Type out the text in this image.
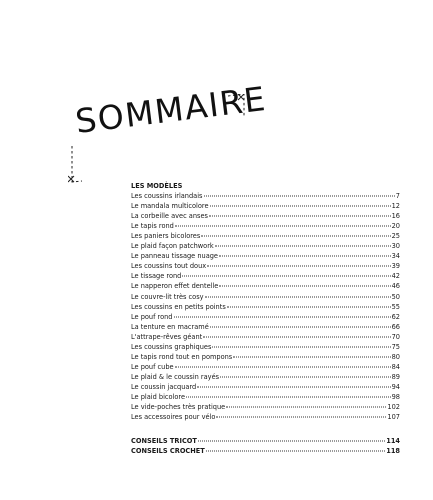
SOMMAIRE
LES MODÈLES
Les coussins irlandais	7
Le mandala multicolore	12
La corbeille avec anses	16
Le tapis rond	20
Les paniers bicolores	25
Le plaid façon patchwork	30
Le panneau tissage nuage	34
Les coussins tout doux	39
Le tissage rond	42
Le napperon effet dentelle	46
Le couvre-lit très cosy	50
Les coussins en petits points	55
Le pouf rond	62
La tenture en macramé	66
L'attrape-rêves géant	70
Les coussins graphiques	75
Le tapis rond tout en pompons	80
Le pouf cube	84
Le plaid & le coussin rayés	89
Le coussin jacquard	94
Le plaid bicolore	98
Le vide-poches très pratique	102
Les accessoires pour vélo	107
CONSEILS TRICOT	114
CONSEILS CROCHET	118
